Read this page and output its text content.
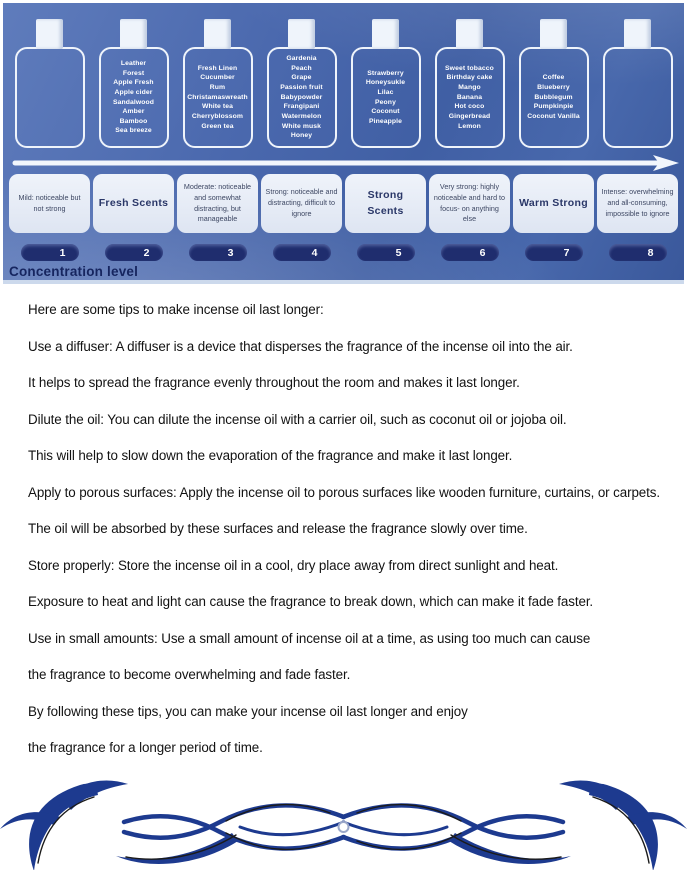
Leather
Forest
Apple Fresh
Apple cider
Sandalwood
Amber
Bamboo
Sea breeze
Fresh Linen
Cucumber
Rum
Christamaswreath
White tea
Cherryblossom
Green tea
Gardenia
Peach
Grape
Passion fruit
Babypowder
Frangipani
Watermelon
White musk
Honey
Strawberry
Honeysukle
Lilac
Peony
Coconut
Pineapple
Sweet tobacco
Birthday cake
Mango
Banana
Hot coco
Gingerbread Lemon
Coffee
Blueberry
Bubblegum
Pumpkinpie
Coconut Vanilla
Mild: noticeable but not strong	Fresh Scents
Moderate: noticeable and somewhat distracting, but manageable
Strong: noticeable and distracting, difficult to ignore
Strong Scents
Very strong: highly noticeable and hard to focus- on anything else
Warm Strong
Intense: overwhelming and all-consuming, impossible to ignore
1	2	3	4	5	6	7	8
Concentration level

Here are some tips to make incense oil last longer:

Use a diffuser: A diffuser is a device that disperses the fragrance of the incense oil into the air.

It helps to spread the fragrance evenly throughout the room and makes it last longer.

Dilute the oil: You can dilute the incense oil with a carrier oil, such as coconut oil or jojoba oil.

This will help to slow down the evaporation of the fragrance and make it last longer.

Apply to porous surfaces: Apply the incense oil to porous surfaces like wooden furniture, curtains, or carpets.

The oil will be absorbed by these surfaces and release the fragrance slowly over time.

Store properly: Store the incense oil in a cool, dry place away from direct sunlight and heat.

Exposure to heat and light can cause the fragrance to break down, which can make it fade faster.

Use in small amounts: Use a small amount of incense oil at a time, as using too much can cause

the fragrance to become overwhelming and fade faster.

By following these tips, you can make your incense oil last longer and enjoy

the fragrance for a longer period of time.
